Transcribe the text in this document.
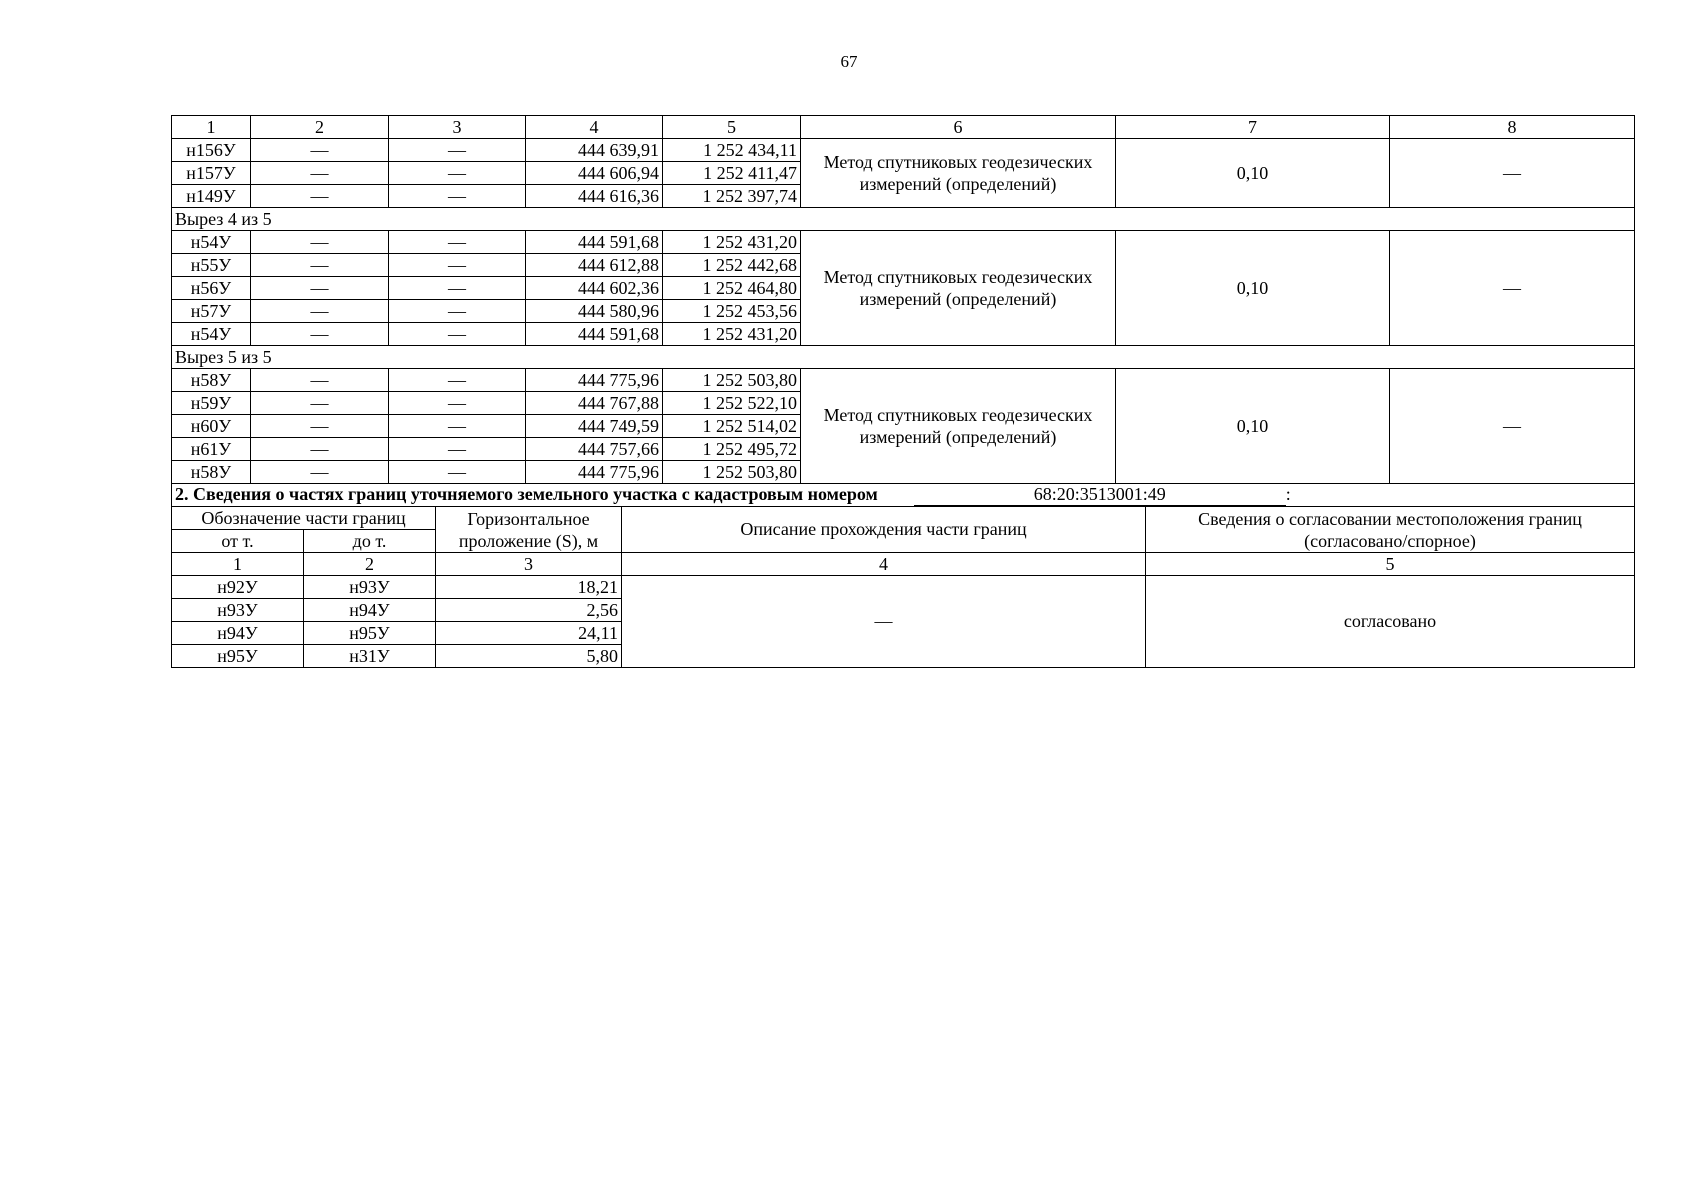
67
1	2	3	4	5	6	7	8
н156У	—	—	444 639,91	1 252 434,11	Метод спутниковых геодезических измерений (определений)	0,10	—
н157У	—	—	444 606,94	1 252 411,47			
н149У	—	—	444 616,36	1 252 397,74			
Вырез 4 из 5							
н54У	—	—	444 591,68	1 252 431,20	Метод спутниковых геодезических измерений (определений)	0,10	—
н55У	—	—	444 612,88	1 252 442,68			
н56У	—	—	444 602,36	1 252 464,80			
н57У	—	—	444 580,96	1 252 453,56			
н54У	—	—	444 591,68	1 252 431,20			
Вырез 5 из 5							
н58У	—	—	444 775,96	1 252 503,80	Метод спутниковых геодезических измерений (определений)	0,10	—
н59У	—	—	444 767,88	1 252 522,10			
н60У	—	—	444 749,59	1 252 514,02			
н61У	—	—	444 757,66	1 252 495,72			
н58У	—	—	444 775,96	1 252 503,80			
2. Сведения о частях границ уточняемого земельного участка с кадастровым номером 68:20:3513001:49 :							
Обозначение части границ		Горизонтальное проложение (S), м	Описание прохождения части границ	Сведения о согласовании местоположения границ (согласовано/спорное)
от т.	до т.			
1	2	3	4	5
н92У	н93У	18,21	—	согласовано
н93У	н94У	2,56		
н94У	н95У	24,11		
н95У	н31У	5,80		
